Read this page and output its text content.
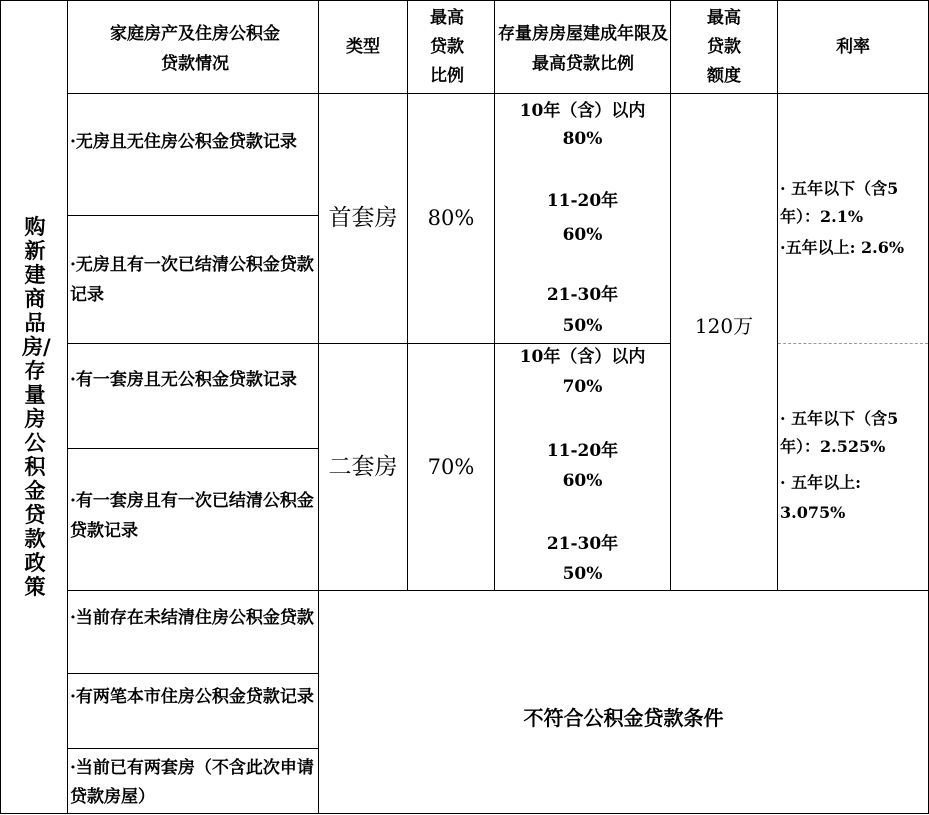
购新建商品房/存量房公积金贷款政策
家庭房产及住房公积金贷款情况
类型
最高贷款比例
存量房房屋建成年限及最高贷款比例
最高贷款额度
利率
·无房且无住房公积金贷款记录
·无房且有一次已结清公积金贷款记录
首套房	80%
10年（含）以内
80%
11-20年
60%
21-30年
50%
· 五年以下（含5年）：2.1%
·五年以上: 2.6%
120万
·有一套房且无公积金贷款记录
·有一套房且有一次已结清公积金贷款记录
二套房	70%
10年（含）以内
70%
11-20年
60%
21-30年
50%
· 五年以下（含5年）：2.525%
· 五年以上: 3.075%
·当前存在未结清住房公积金贷款
·有两笔本市住房公积金贷款记录
·当前已有两套房（不含此次申请贷款房屋）
不符合公积金贷款条件
